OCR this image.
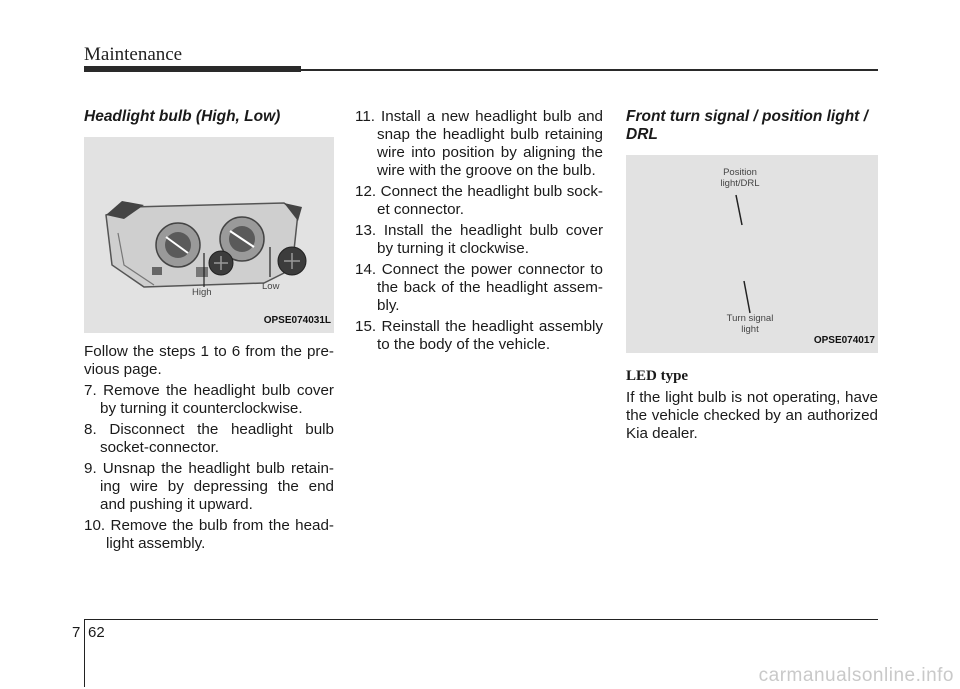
Maintenance
Headlight bulb (High, Low)
High
Low
OPSE074031L

Follow the steps 1 to 6 from the pre-vious page.

7. Remove the headlight bulb cover by turning it counterclockwise.
8. Disconnect the headlight bulb socket-connector.
9. Unsnap the headlight bulb retain-ing wire by depressing the end and pushing it upward.
10. Remove the bulb from the head-light assembly.
11. Install a new headlight bulb and snap the headlight bulb retaining wire into position by aligning the wire with the groove on the bulb.
12. Connect the headlight bulb sock-et connector.
13. Install the headlight bulb cover by turning it clockwise.
14. Connect the power connector to the back of the headlight assem-bly.
15. Reinstall the headlight assembly to the body of the vehicle.
Front turn signal / position light / DRL
Position
light/DRL
Turn signal
light
OPSE074017
LED type

If the light bulb is not operating, have the vehicle checked by an authorized Kia dealer.

7 62
carmanualsonline.info
